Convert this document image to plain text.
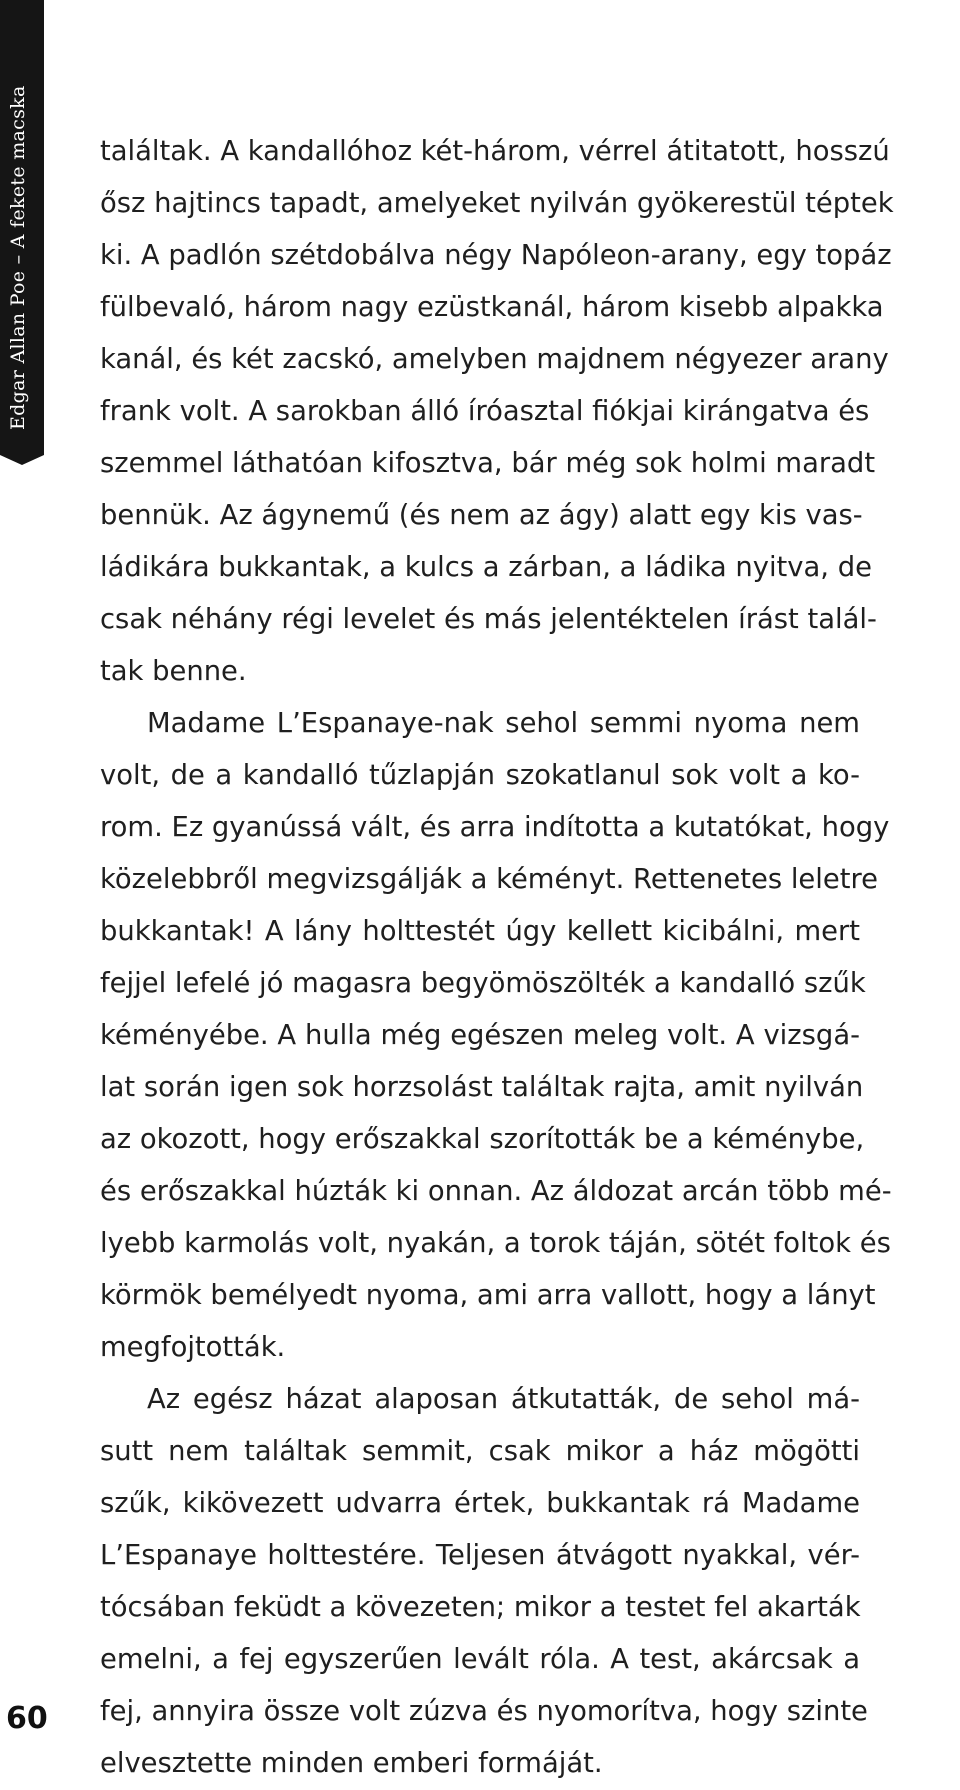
Edgar Allan Poe – A fekete macska
60
találtak. A kandallóhoz két-három, vérrel átitatott, hosszú
ősz hajtincs tapadt, amelyeket nyilván gyökerestül téptek
ki. A padlón szétdobálva négy Napóleon-arany, egy topáz
fülbevaló, három nagy ezüstkanál, három kisebb alpakka
kanál, és két zacskó, amelyben majdnem négyezer arany
frank volt. A sarokban álló íróasztal fiókjai kirángatva és
szemmel láthatóan kifosztva, bár még sok holmi maradt
bennük. Az ágynemű (és nem az ágy) alatt egy kis vas-
ládikára bukkantak, a kulcs a zárban, a ládika nyitva, de
csak néhány régi levelet és más jelentéktelen írást talál-
tak benne.
Madame L’Espanaye-nak sehol semmi nyoma nem
volt, de a kandalló tűzlapján szokatlanul sok volt a ko-
rom. Ez gyanússá vált, és arra indította a kutatókat, hogy
közelebbről megvizsgálják a kéményt. Rettenetes leletre
bukkantak! A lány holttestét úgy kellett kicibálni, mert
fejjel lefelé jó magasra begyömöszölték a kandalló szűk
kéményébe. A hulla még egészen meleg volt. A vizsgá-
lat során igen sok horzsolást találtak rajta, amit nyilván
az okozott, hogy erőszakkal szorították be a kéménybe,
és erőszakkal húzták ki onnan. Az áldozat arcán több mé-
lyebb karmolás volt, nyakán, a torok táján, sötét foltok és
körmök bemélyedt nyoma, ami arra vallott, hogy a lányt
megfojtották.
Az egész házat alaposan átkutatták, de sehol má-
sutt nem találtak semmit, csak mikor a ház mögötti
szűk, kikövezett udvarra értek, bukkantak rá Madame
L’Espanaye holttestére. Teljesen átvágott nyakkal, vér-
tócsában feküdt a kövezeten; mikor a testet fel akarták
emelni, a fej egyszerűen levált róla. A test, akárcsak a
fej, annyira össze volt zúzva és nyomorítva, hogy szinte
elvesztette minden emberi formáját.
